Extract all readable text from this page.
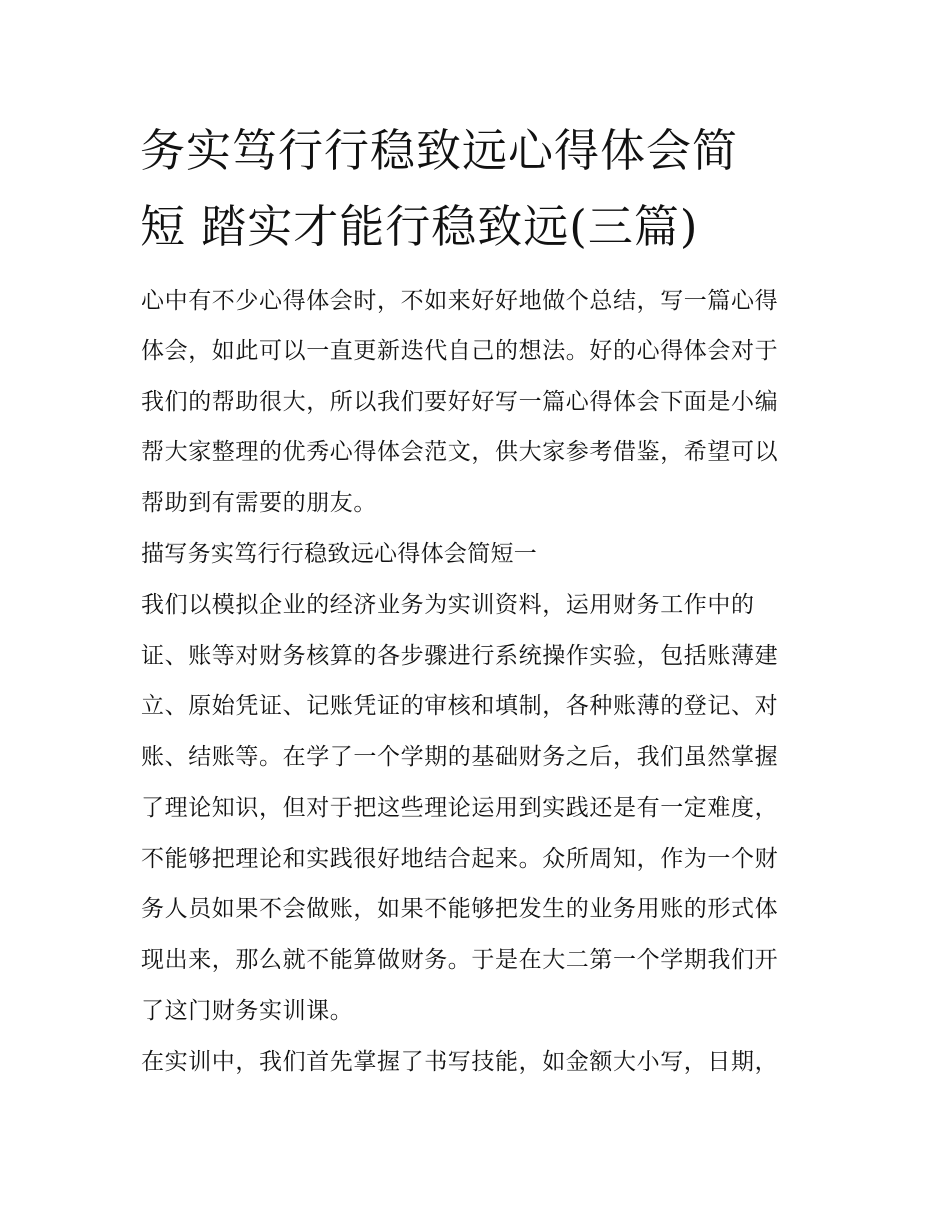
务实笃行行稳致远心得体会简
短 踏实才能行稳致远(三篇)

心中有不少心得体会时，不如来好好地做个总结，写一篇心得

体会，如此可以一直更新迭代自己的想法。好的心得体会对于

我们的帮助很大，所以我们要好好写一篇心得体会下面是小编

帮大家整理的优秀心得体会范文，供大家参考借鉴，希望可以

帮助到有需要的朋友。

描写务实笃行行稳致远心得体会简短一

我们以模拟企业的经济业务为实训资料，运用财务工作中的

证、账等对财务核算的各步骤进行系统操作实验，包括账薄建

立、原始凭证、记账凭证的审核和填制，各种账薄的登记、对

账、结账等。在学了一个学期的基础财务之后，我们虽然掌握

了理论知识，但对于把这些理论运用到实践还是有一定难度，

不能够把理论和实践很好地结合起来。众所周知，作为一个财

务人员如果不会做账，如果不能够把发生的业务用账的形式体

现出来，那么就不能算做财务。于是在大二第一个学期我们开

了这门财务实训课。

在实训中，我们首先掌握了书写技能，如金额大小写，日期，
